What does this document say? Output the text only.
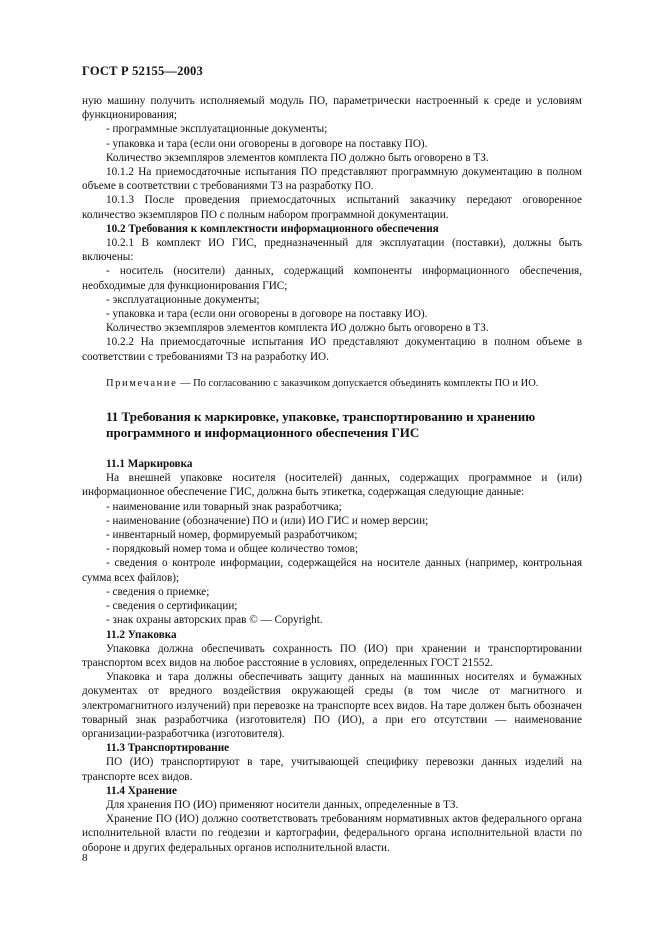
ГОСТ Р 52155—2003

ную машину получить исполняемый модуль ПО, параметрически настроенный к среде и условиям функционирования;

- программные эксплуатационные документы;

- упаковка и тара (если они оговорены в договоре на поставку ПО).

Количество экземпляров элементов комплекта ПО должно быть оговорено в ТЗ.

10.1.2 На приемосдаточные испытания ПО представляют программную документацию в полном объеме в соответствии с требованиями ТЗ на разработку ПО.

10.1.3 После проведения приемосдаточных испытаний заказчику передают оговоренное количество экземпляров ПО с полным набором программной документации.

10.2 Требования к комплектности информационного обеспечения

10.2.1 В комплект ИО ГИС, предназначенный для эксплуатации (поставки), должны быть включены:

- носитель (носители) данных, содержащий компоненты информационного обеспечения, необходимые для функционирования ГИС;

- эксплуатационные документы;

- упаковка и тара (если они оговорены в договоре на поставку ИО).

Количество экземпляров элементов комплекта ИО должно быть оговорено в ТЗ.

10.2.2 На приемосдаточные испытания ИО представляют документацию в полном объеме в соответствии с требованиями ТЗ на разработку ИО.

Примечание — По согласованию с заказчиком допускается объединять комплекты ПО и ИО.

11 Требования к маркировке, упаковке, транспортированию и хранению программного и информационного обеспечения ГИС

11.1 Маркировка

На внешней упаковке носителя (носителей) данных, содержащих программное и (или) информационное обеспечение ГИС, должна быть этикетка, содержащая следующие данные:

- наименование или товарный знак разработчика;

- наименование (обозначение) ПО и (или) ИО ГИС и номер версии;

- инвентарный номер, формируемый разработчиком;

- порядковый номер тома и общее количество томов;

- сведения о контроле информации, содержащейся на носителе данных (например, контрольная сумма всех файлов);

- сведения о приемке;

- сведения о сертификации;

- знак охраны авторских прав © — Copyright.

11.2 Упаковка

Упаковка должна обеспечивать сохранность ПО (ИО) при хранении и транспортировании транспортом всех видов на любое расстояние в условиях, определенных ГОСТ 21552.

Упаковка и тара должны обеспечивать защиту данных на машинных носителях и бумажных документах от вредного воздействия окружающей среды (в том числе от магнитного и электромагнитного излучений) при перевозке на транспорте всех видов. На таре должен быть обозначен товарный знак разработчика (изготовителя) ПО (ИО), а при его отсутствии — наименование организации-разработчика (изготовителя).

11.3 Транспортирование

ПО (ИО) транспортируют в таре, учитывающей специфику перевозки данных изделий на транспорте всех видов.

11.4 Хранение

Для хранения ПО (ИО) применяют носители данных, определенные в ТЗ.

Хранение ПО (ИО) должно соответствовать требованиям нормативных актов федерального органа исполнительной власти по геодезии и картографии, федерального органа исполнительной власти по обороне и других федеральных органов исполнительной власти.

8
